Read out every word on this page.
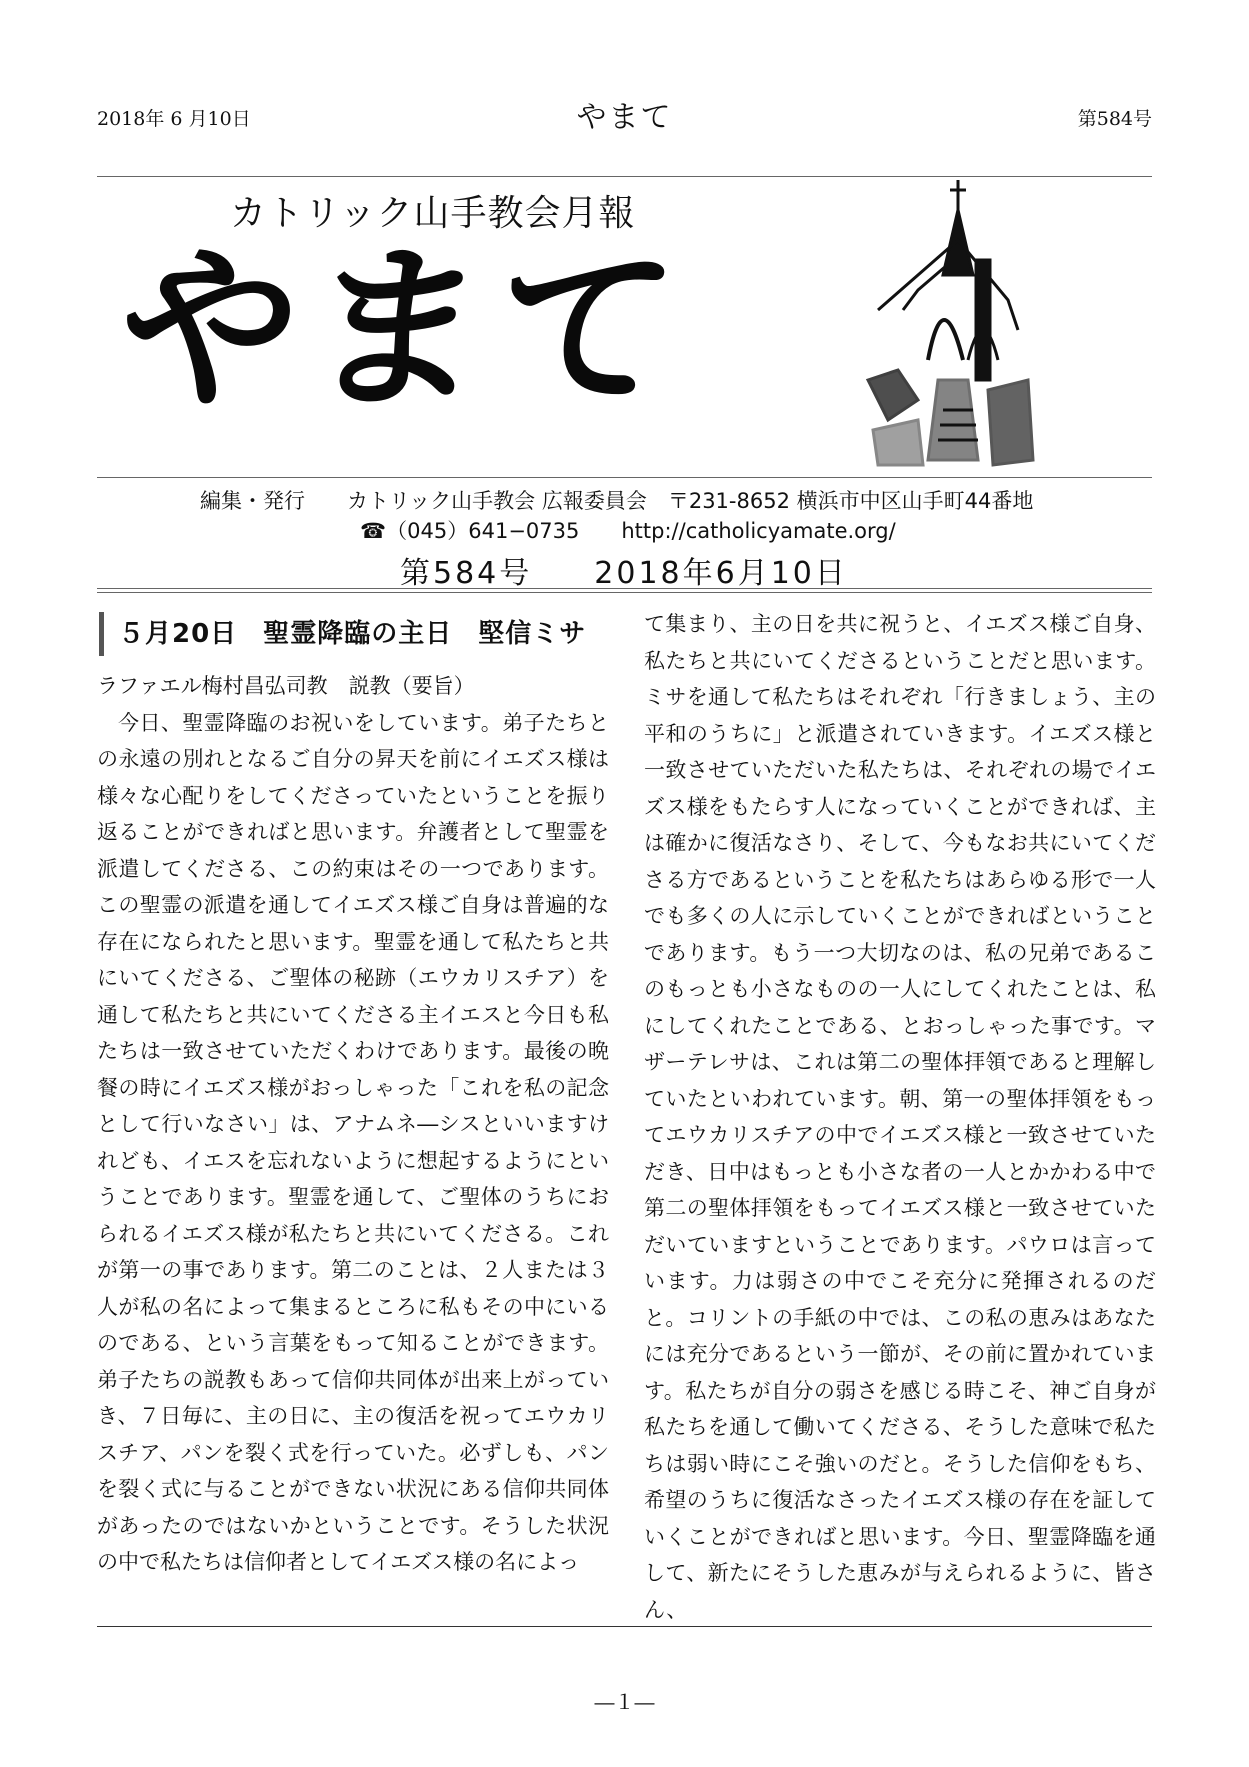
2018年 6 月10日	やまて	第584号
カトリック山手教会月報
やまて
編集・発行　　カトリック山手教会 広報委員会　〒231-8652 横浜市中区山手町44番地
☎（045）641−0735　　http://catholicyamate.org/
第584号 2018年6月10日
５月20日 聖霊降臨の主日 堅信ミサ

ラファエル梅村昌弘司教　説教（要旨）

今日、聖霊降臨のお祝いをしています。弟子たちとの永遠の別れとなるご自分の昇天を前にイエズス様は様々な心配りをしてくださっていたということを振り返ることができればと思います。弁護者として聖霊を派遣してくださる、この約束はその一つであります。この聖霊の派遣を通してイエズス様ご自身は普遍的な存在になられたと思います。聖霊を通して私たちと共にいてくださる、ご聖体の秘跡（エウカリスチア）を通して私たちと共にいてくださる主イエスと今日も私たちは一致させていただくわけであります。最後の晩餐の時にイエズス様がおっしゃった「これを私の記念として行いなさい」は、アナムネ―シスといいますけれども、イエスを忘れないように想起するようにということであります。聖霊を通して、ご聖体のうちにおられるイエズス様が私たちと共にいてくださる。これが第一の事であります。第二のことは、２人または３人が私の名によって集まるところに私もその中にいるのである、という言葉をもって知ることができます。弟子たちの説教もあって信仰共同体が出来上がっていき、７日毎に、主の日に、主の復活を祝ってエウカリスチア、パンを裂く式を行っていた。必ずしも、パンを裂く式に与ることができない状況にある信仰共同体があったのではないかということです。そうした状況の中で私たちは信仰者としてイエズス様の名によっ

て集まり、主の日を共に祝うと、イエズス様ご自身、私たちと共にいてくださるということだと思います。ミサを通して私たちはそれぞれ「行きましょう、主の平和のうちに」と派遣されていきます。イエズス様と一致させていただいた私たちは、それぞれの場でイエズス様をもたらす人になっていくことができれば、主は確かに復活なさり、そして、今もなお共にいてくださる方であるということを私たちはあらゆる形で一人でも多くの人に示していくことができればということであります。もう一つ大切なのは、私の兄弟であるこのもっとも小さなものの一人にしてくれたことは、私にしてくれたことである、とおっしゃった事です。マザーテレサは、これは第二の聖体拝領であると理解していたといわれています。朝、第一の聖体拝領をもってエウカリスチアの中でイエズス様と一致させていただき、日中はもっとも小さな者の一人とかかわる中で第二の聖体拝領をもってイエズス様と一致させていただいていますということであります。パウロは言っています。力は弱さの中でこそ充分に発揮されるのだと。コリントの手紙の中では、この私の恵みはあなたには充分であるという一節が、その前に置かれています。私たちが自分の弱さを感じる時こそ、神ご自身が私たちを通して働いてくださる、そうした意味で私たちは弱い時にこそ強いのだと。そうした信仰をもち、希望のうちに復活なさったイエズス様の存在を証していくことができればと思います。今日、聖霊降臨を通して、新たにそうした恵みが与えられるように、皆さん、

―１―
